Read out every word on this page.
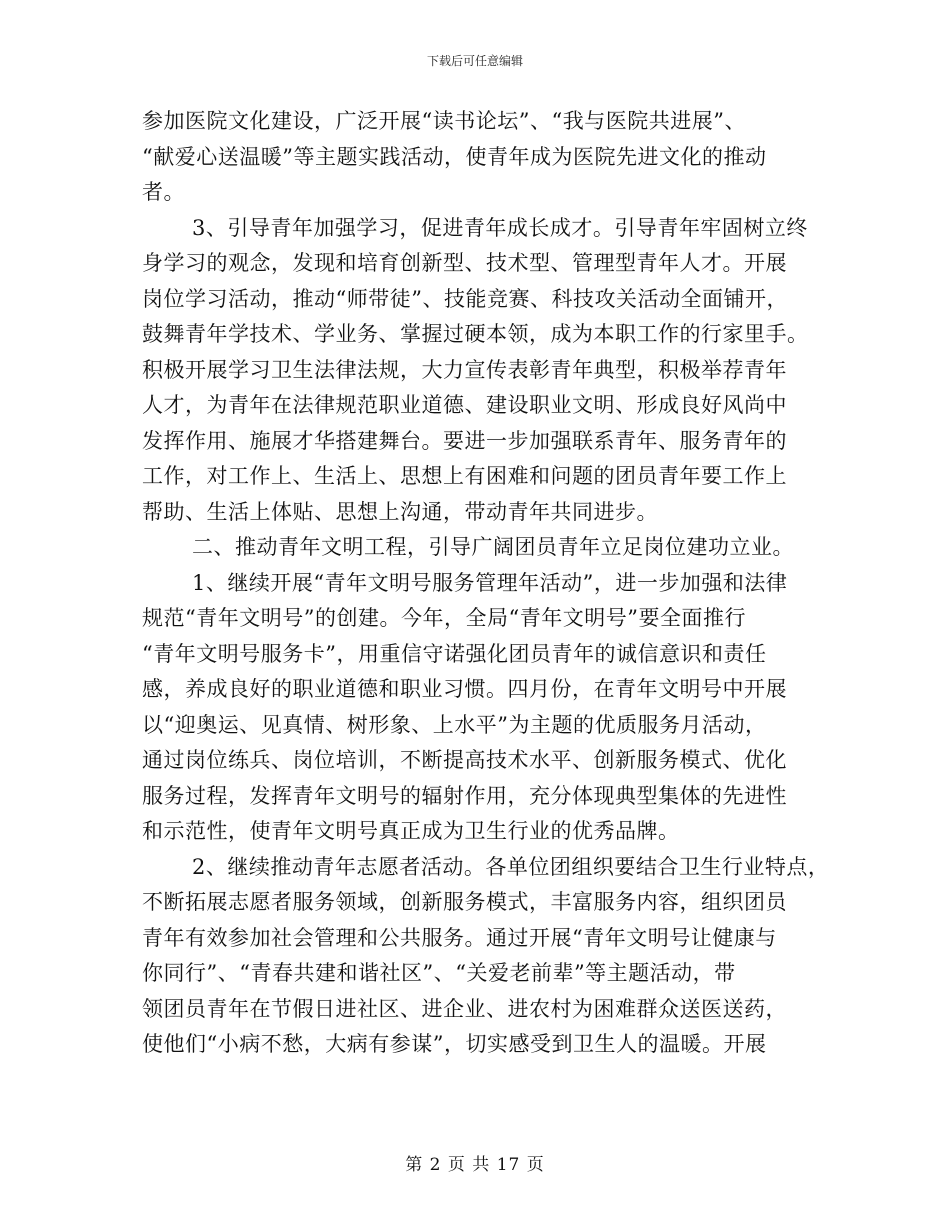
下载后可任意编辑
参加医院文化建设，广泛开展“读书论坛”、“我与医院共进展”、
“献爱心送温暖”等主题实践活动，使青年成为医院先进文化的推动
者。
3、引导青年加强学习，促进青年成长成才。引导青年牢固树立终
身学习的观念，发现和培育创新型、技术型、管理型青年人才。开展
岗位学习活动，推动“师带徒”、技能竞赛、科技攻关活动全面铺开，
鼓舞青年学技术、学业务、掌握过硬本领，成为本职工作的行家里手。
积极开展学习卫生法律法规，大力宣传表彰青年典型，积极举荐青年
人才，为青年在法律规范职业道德、建设职业文明、形成良好风尚中
发挥作用、施展才华搭建舞台。要进一步加强联系青年、服务青年的
工作，对工作上、生活上、思想上有困难和问题的团员青年要工作上
帮助、生活上体贴、思想上沟通，带动青年共同进步。
二、推动青年文明工程，引导广阔团员青年立足岗位建功立业。
1、继续开展“青年文明号服务管理年活动”，进一步加强和法律
规范“青年文明号”的创建。今年，全局“青年文明号”要全面推行
“青年文明号服务卡”，用重信守诺强化团员青年的诚信意识和责任
感，养成良好的职业道德和职业习惯。四月份，在青年文明号中开展
以“迎奥运、见真情、树形象、上水平”为主题的优质服务月活动，
通过岗位练兵、岗位培训，不断提高技术水平、创新服务模式、优化
服务过程，发挥青年文明号的辐射作用，充分体现典型集体的先进性
和示范性，使青年文明号真正成为卫生行业的优秀品牌。
2、继续推动青年志愿者活动。各单位团组织要结合卫生行业特点，
不断拓展志愿者服务领域，创新服务模式，丰富服务内容，组织团员
青年有效参加社会管理和公共服务。通过开展“青年文明号让健康与
你同行”、“青春共建和谐社区”、“关爱老前辈”等主题活动，带
领团员青年在节假日进社区、进企业、进农村为困难群众送医送药，
使他们“小病不愁，大病有参谋”，切实感受到卫生人的温暖。开展
第 2 页 共 17 页
